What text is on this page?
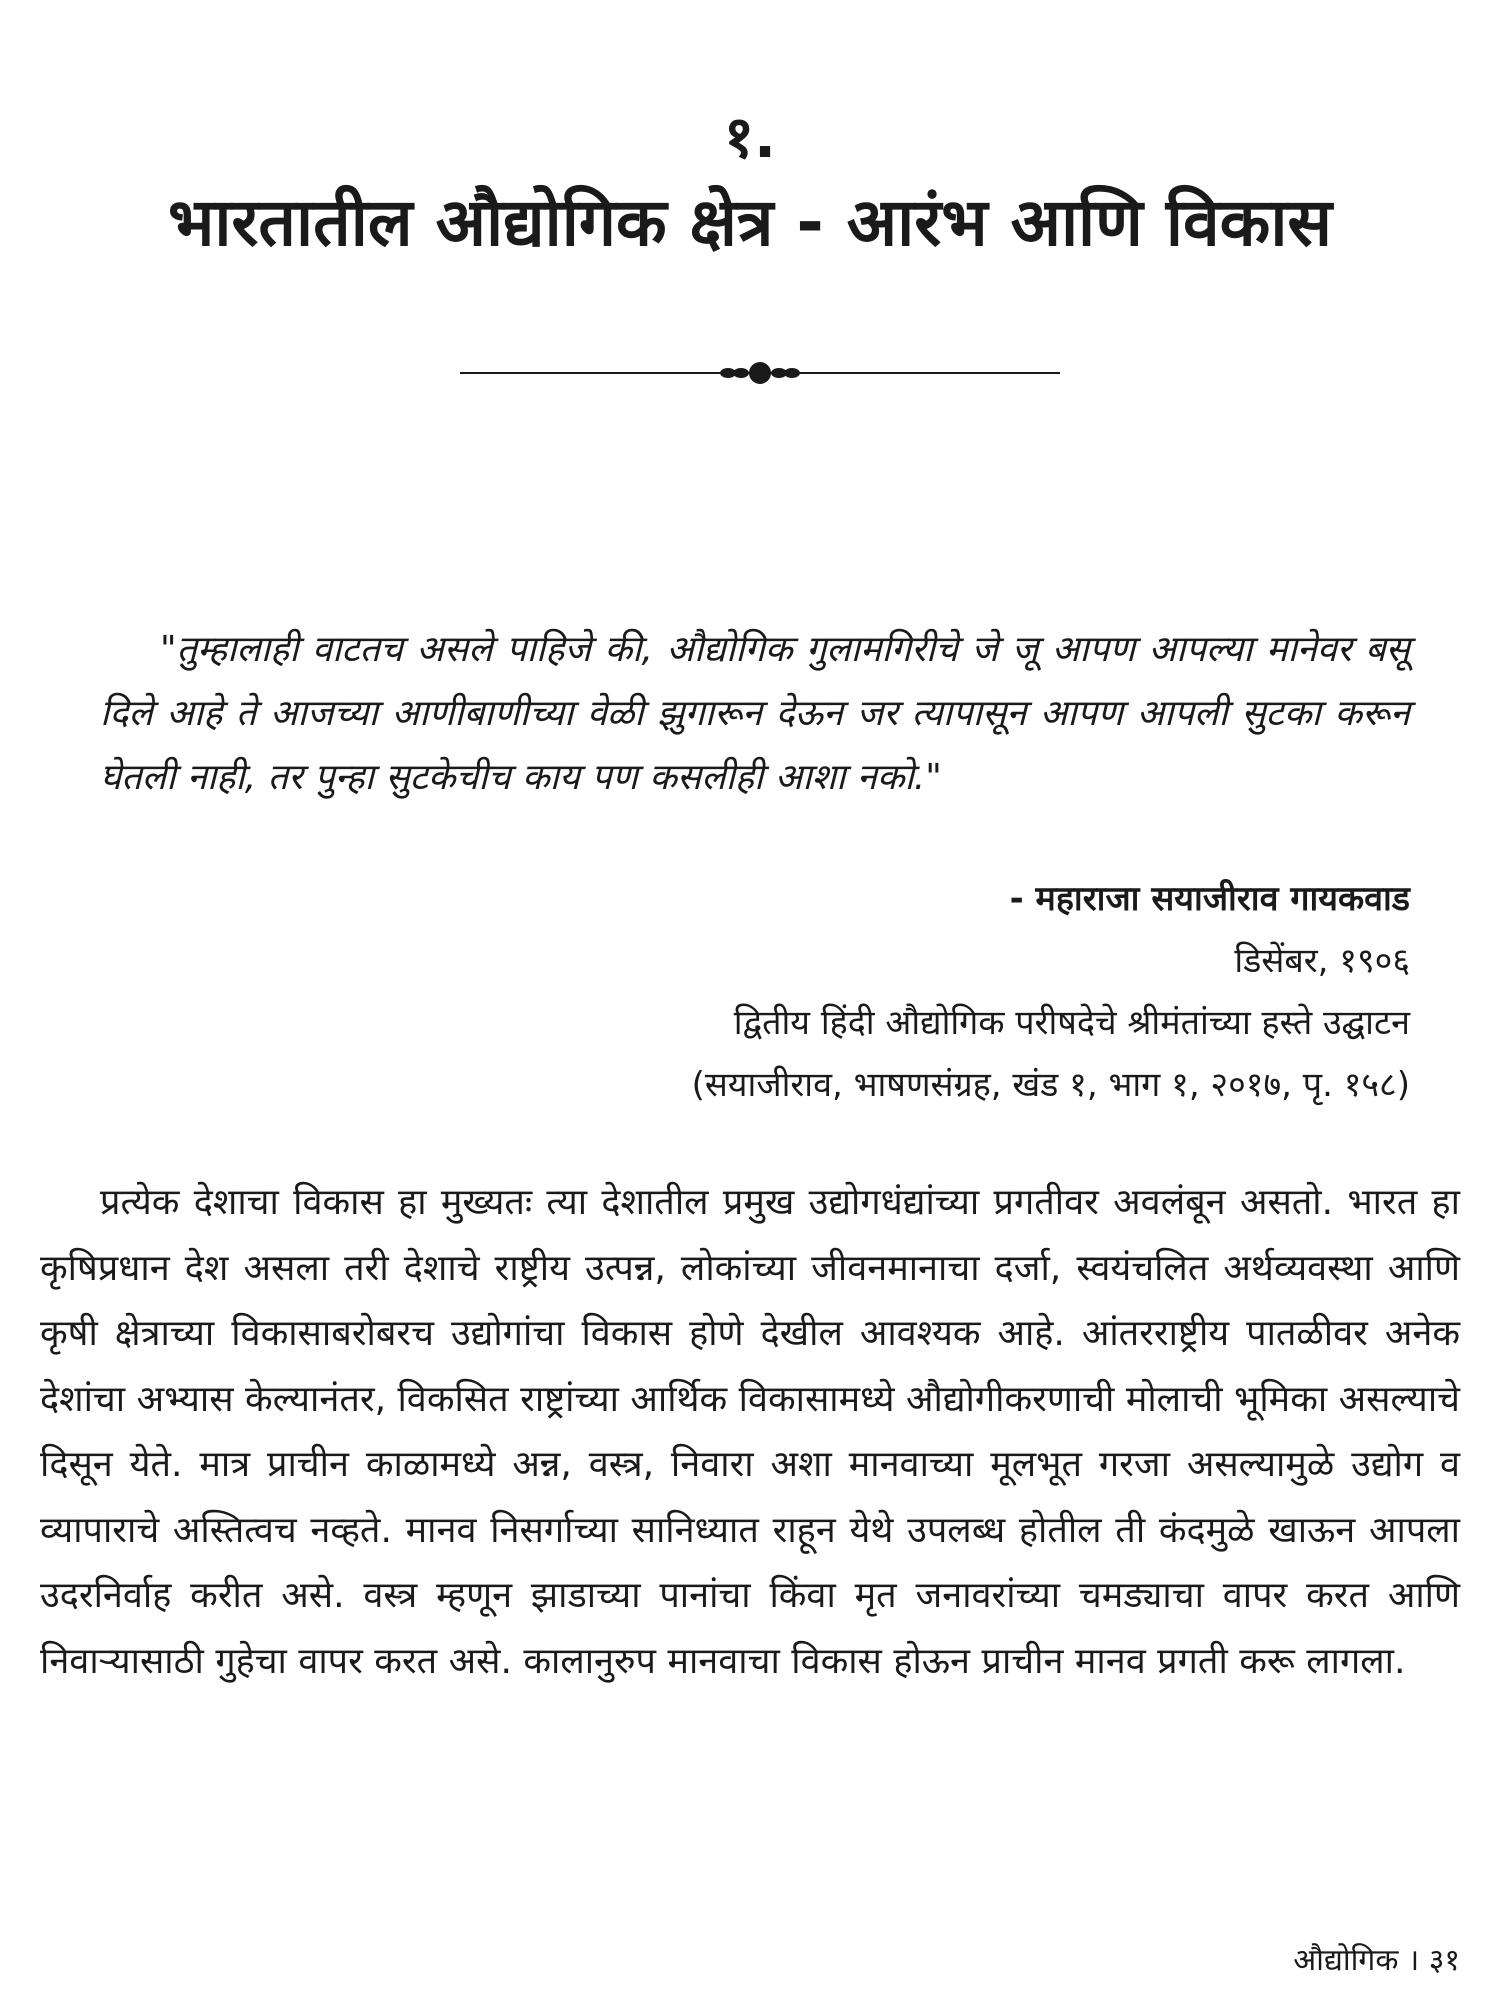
१.
भारतातील औद्योगिक क्षेत्र - आरंभ आणि विकास

"तुम्हालाही वाटतच असले पाहिजे की, औद्योगिक गुलामगिरीचे जे जू आपण आपल्या मानेवर बसू दिले आहे ते आजच्या आणीबाणीच्या वेळी झुगारून देऊन जर त्यापासून आपण आपली सुटका करून घेतली नाही, तर पुन्हा सुटकेचीच काय पण कसलीही आशा नको."

- महाराजा सयाजीराव गायकवाड

डिसेंबर, १९०६

द्वितीय हिंदी औद्योगिक परीषदेचे श्रीमंतांच्या हस्ते उद्घाटन

(सयाजीराव, भाषणसंग्रह, खंड १, भाग १, २०१७, पृ. १५८)

प्रत्येक देशाचा विकास हा मुख्यतः त्या देशातील प्रमुख उद्योगधंद्यांच्या प्रगतीवर अवलंबून असतो. भारत हा कृषिप्रधान देश असला तरी देशाचे राष्ट्रीय उत्पन्न, लोकांच्या जीवनमानाचा दर्जा, स्वयंचलित अर्थव्यवस्था आणि कृषी क्षेत्राच्या विकासाबरोबरच उद्योगांचा विकास होणे देखील आवश्यक आहे. आंतरराष्ट्रीय पातळीवर अनेक देशांचा अभ्यास केल्यानंतर, विकसित राष्ट्रांच्या आर्थिक विकासामध्ये औद्योगीकरणाची मोलाची भूमिका असल्याचे दिसून येते. मात्र प्राचीन काळामध्ये अन्न, वस्त्र, निवारा अशा मानवाच्या मूलभूत गरजा असल्यामुळे उद्योग व व्यापाराचे अस्तित्वच नव्हते. मानव निसर्गाच्या सानिध्यात राहून येथे उपलब्ध होतील ती कंदमुळे खाऊन आपला उदरनिर्वाह करीत असे. वस्त्र म्हणून झाडाच्या पानांचा किंवा मृत जनावरांच्या चमड्याचा वापर करत आणि निवाऱ्यासाठी गुहेचा वापर करत असे. कालानुरुप मानवाचा विकास होऊन प्राचीन मानव प्रगती करू लागला.

औद्योगिक । ३१
